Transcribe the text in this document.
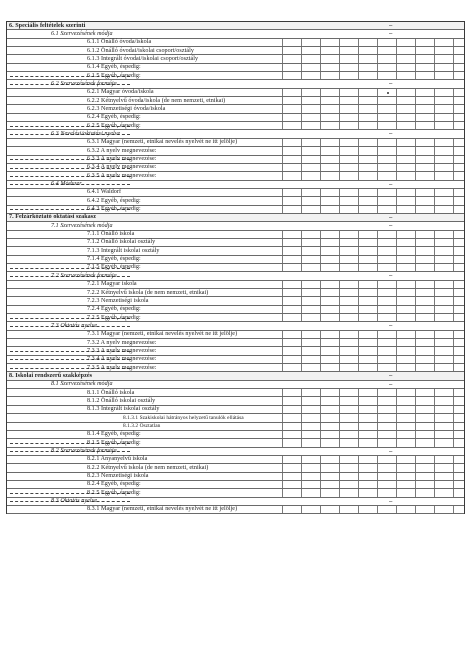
6. Speciális feltételek szerinti	–
6.1 Szervezésének módja	–
6.1.1 Önálló óvoda/iskola
6.1.2 Önálló óvodai/iskolai csoport/osztály
6.1.3 Integrált óvodai/iskolai csoport/osztály
6.1.4 Egyéb, éspedig:
6.1.5 Egyéb, éspedig:
6.2 Szervezésének formája	–
6.2.1 Magyar óvoda/iskola
6.2.2 Kétnyelvű óvoda/iskola (de nem nemzeti, etnikai)
6.2.3 Nemzetiségi óvoda/iskola
6.2.4 Egyéb, éspedig:
6.2.5 Egyéb, éspedig:
6.3 Nevelési/oktatási nyelve	–
6.3.1 Magyar (nemzeti, etnikai nevelés nyelvét ne itt jelölje)
6.3.2 A nyelv megnevezése:
6.3.3 A nyelv megnevezése:
6.3.4 A nyelv megnevezése:
6.3.5 A nyelv megnevezése:
6.4 Módszer	–
6.4.1 Waldorf
6.4.2 Egyéb, éspedig:
6.4.3 Egyéb, éspedig:
7. Felzárkóztató oktatási szakasz	–
7.1 Szervezésének módja	–
7.1.1 Önálló iskola
7.1.2 Önálló iskolai osztály
7.1.3 Integrált iskolai osztály
7.1.4 Egyéb, éspedig:
7.1.5 Egyéb, éspedig:
7.2 Szervezésének formája	–
7.2.1 Magyar iskola
7.2.2 Kétnyelvű iskola (de nem nemzeti, etnikai)
7.2.3 Nemzetiségi iskola
7.2.4 Egyéb, éspedig:
7.2.5 Egyéb, éspedig:
7.3 Oktatás nyelve	–
7.3.1 Magyar (nemzeti, etnikai nevelés nyelvét ne itt jelölje)
7.3.2 A nyelv megnevezése:
7.3.3 A nyelv megnevezése:
7.3.4 A nyelv megnevezése:
7.3.5 A nyelv megnevezése:
8. Iskolai rendszerű szakképzés	–
8.1 Szervezésének módja	–
8.1.1 Önálló iskola
8.1.2 Önálló iskolai osztály
8.1.3 Integrált iskolai osztály
8.1.3.1 Szakiskolai hátrányos helyzetű tanulók ellátása
8.1.3.2 Osztatlan
8.1.4 Egyéb, éspedig:
8.1.5 Egyéb, éspedig:
8.2 Szervezésének formája	–
8.2.1 Anyanyelvű iskola
8.2.2 Kétnyelvű iskola (de nem nemzeti, etnikai)
8.2.3 Nemzetiségi iskola
8.2.4 Egyéb, éspedig:
8.2.5 Egyéb, éspedig:
8.3 Oktatás nyelve	–
8.3.1 Magyar (nemzeti, etnikai nevelés nyelvét ne itt jelölje)
